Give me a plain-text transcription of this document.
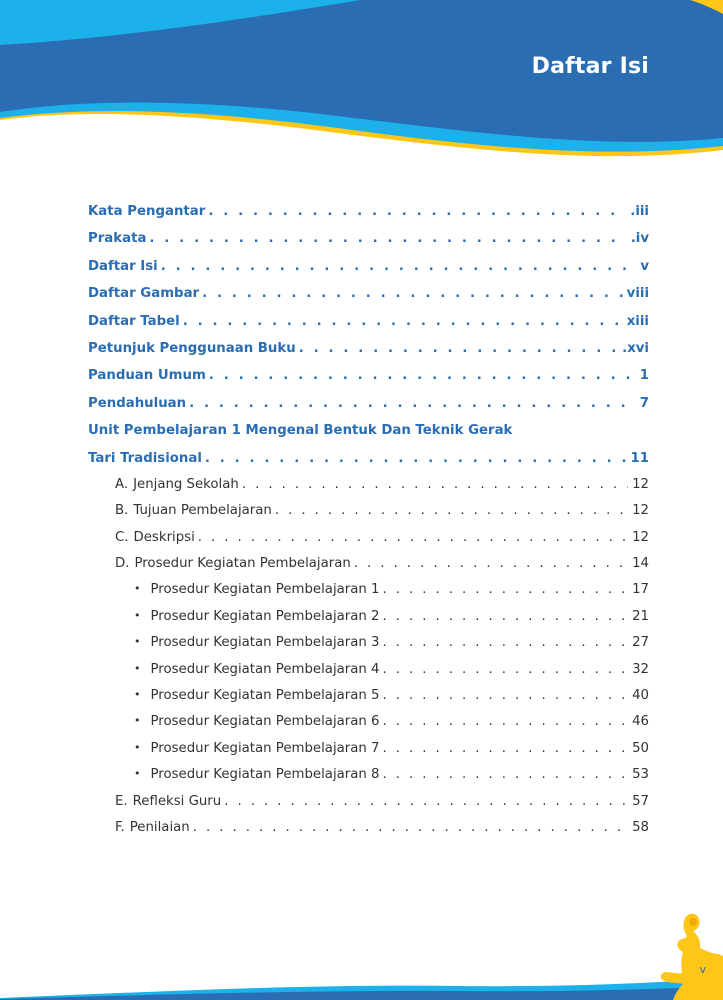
Daftar Isi
Kata Pengantar . . .	.iii
Prakata . . .	.iv
Daftar Isi . . .	v
Daftar Gambar . . .	viii
Daftar Tabel . . .	xiii
Petunjuk Penggunaan Buku . . .	.xvi
Panduan Umum . . .	1
Pendahuluan . . .	7
Unit Pembelajaran 1 Mengenal Bentuk Dan Teknik Gerak
Tari Tradisional . . .	11
A. Jenjang Sekolah . . .	12
B. Tujuan Pembelajaran . . .	12
C. Deskripsi . . .	12
D. Prosedur Kegiatan Pembelajaran . . .	14
• Prosedur Kegiatan Pembelajaran 1 . . .	17
• Prosedur Kegiatan Pembelajaran 2 . . .	21
• Prosedur Kegiatan Pembelajaran 3 . . .	27
• Prosedur Kegiatan Pembelajaran 4 . . .	32
• Prosedur Kegiatan Pembelajaran 5 . . .	40
• Prosedur Kegiatan Pembelajaran 6 . . .	46
• Prosedur Kegiatan Pembelajaran 7 . . .	50
• Prosedur Kegiatan Pembelajaran 8 . . .	53
E. Refleksi Guru . . .	57
F. Penilaian . . .	58
v
